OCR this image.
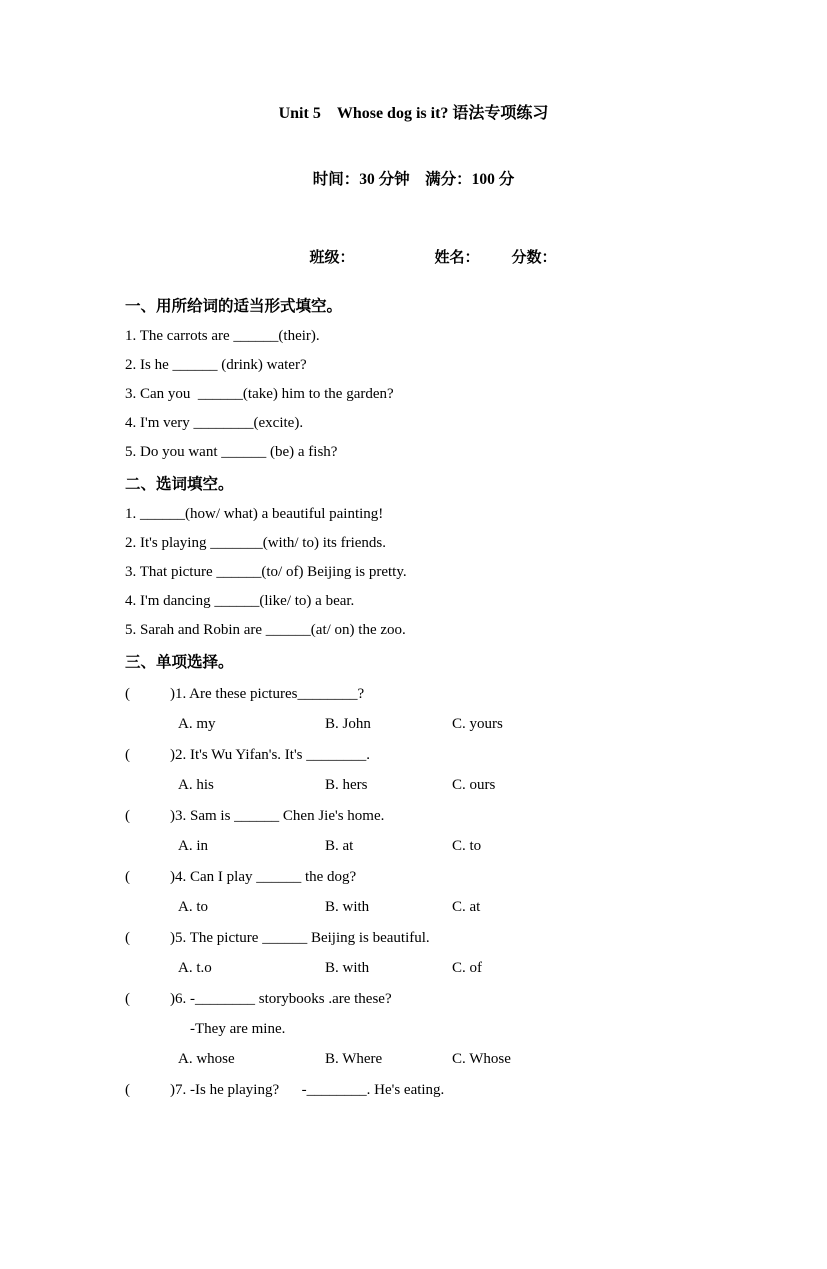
Unit 5　Whose dog is it? 语法专项练习
时间：30 分钟　满分：100 分

班级：	姓名： 分数：

一、用所给词的适当形式填空。
1. The carrots are ______(their).
2. Is he ______ (drink) water?
3. Can you  ______(take) him to the garden?
4. I'm very ________(excite).
5. Do you want ______ (be) a fish?
二、选词填空。
1. ______(how/ what) a beautiful painting!
2. It's playing _______(with/ to) its friends.
3. That picture ______(to/ of) Beijing is pretty.
4. I'm dancing ______(like/ to) a bear.
5. Sarah and Robin are ______(at/ on) the zoo.
三、单项选择。
(	)1. Are these pictures________?
A. my	B. John	C. yours
(	)2. It's Wu Yifan's. It's ________.
A. his	B. hers	C. ours
(	)3. Sam is ______ Chen Jie's home.
A. in	B. at	C. to
(	)4. Can I play ______ the dog?
A. to	B. with	C. at
(	)5. The picture ______ Beijing is beautiful.
A. t.o	B. with	C. of
(	)6. -________ storybooks .are these?
-They are mine.
A. whose	B. Where	C. Whose
(	)7. -Is he playing?      -________. He's eating.
